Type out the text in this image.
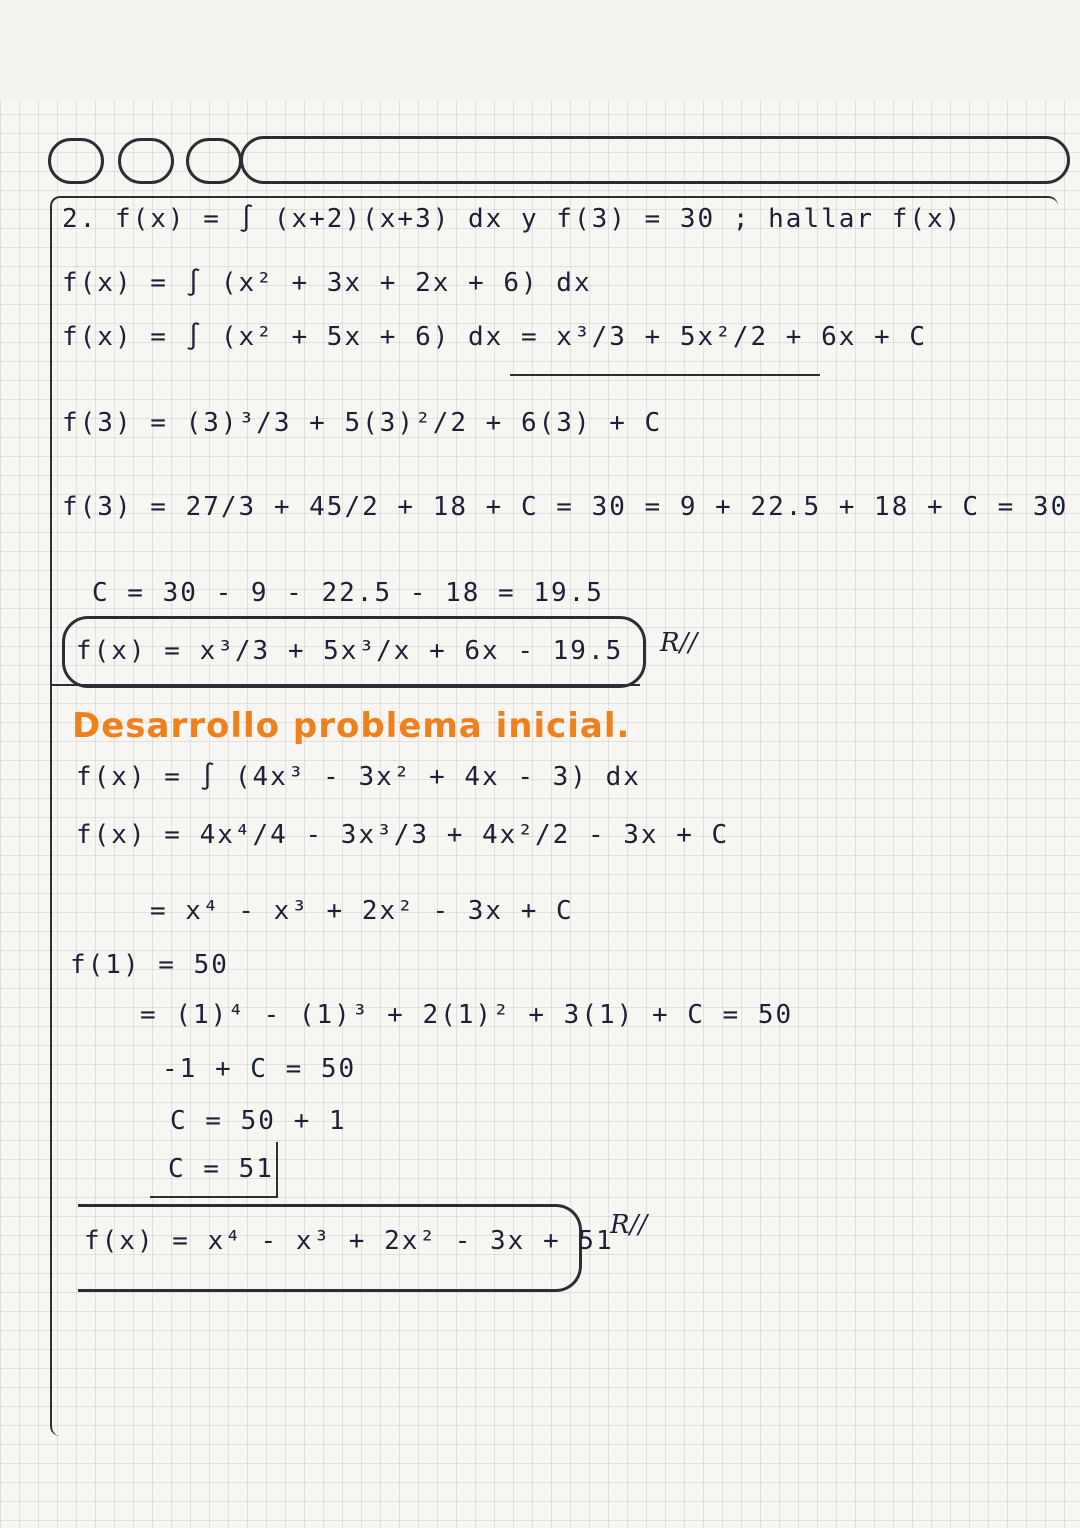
2. f(x) = ∫ (x+2)(x+3) dx y f(3) = 30 ; hallar f(x)
f(x) = ∫ (x² + 3x + 2x + 6) dx
f(x) = ∫ (x² + 5x + 6) dx = x³/3 + 5x²/2 + 6x + C
f(3) = (3)³/3 + 5(3)²/2 + 6(3) + C
f(3) = 27/3 + 45/2 + 18 + C = 30 = 9 + 22.5 + 18 + C = 30
C = 30 - 9 - 22.5 - 18 = 19.5
f(x) = x³/3 + 5x³/x + 6x - 19.5 R//
Desarrollo problema inicial.
f(x) = ∫ (4x³ - 3x² + 4x - 3) dx
f(x) = 4x⁴/4 - 3x³/3 + 4x²/2 - 3x + C
= x⁴ - x³ + 2x² - 3x + C
f(1) = 50
= (1)⁴ - (1)³ + 2(1)² + 3(1) + C = 50
-1 + C = 50
C = 50 + 1
C = 51
f(x) = x⁴ - x³ + 2x² - 3x + 51
R//
